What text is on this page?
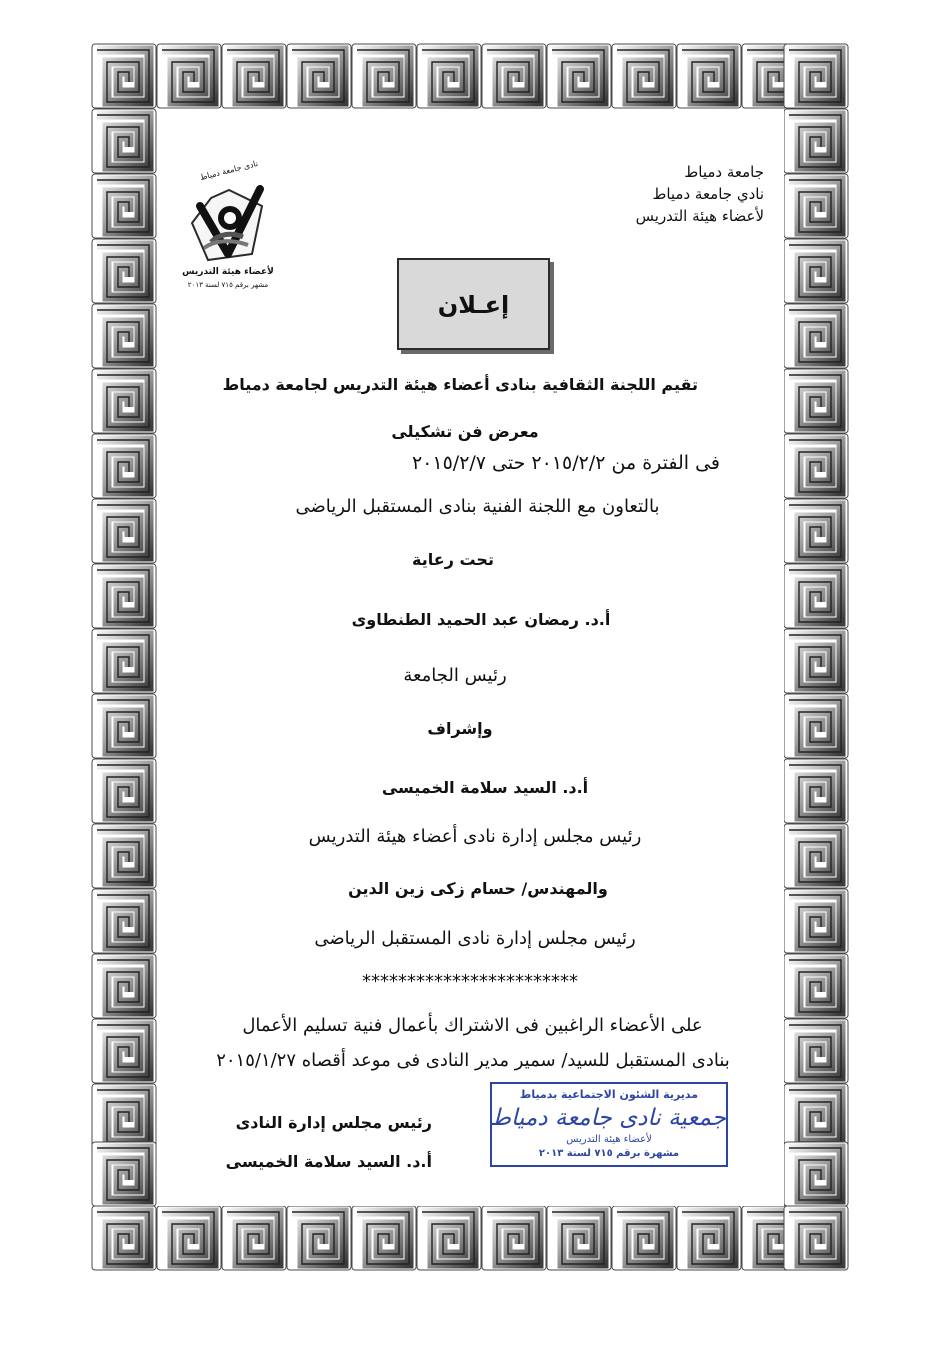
جامعة دمياط
نادي جامعة دمياط
لأعضاء هيئة التدريس
نادى جامعة دمياط
لأعضاء هيئة التدريس
مشهر برقم ٧١٥ لسنة ٢٠١٣
إعـلان
تقيم اللجنة الثقافية بنادى أعضاء هيئة التدريس لجامعة دمياط
معرض فن تشكيلى
فى الفترة من ٢٠١٥/٢/٢ حتى ٢٠١٥/٢/٧
بالتعاون مع اللجنة الفنية بنادى المستقبل الرياضى
تحت رعاية
أ.د. رمضان عبد الحميد الطنطاوى
رئيس الجامعة
وإشراف
أ.د. السيد سلامة الخميسى
رئيس مجلس إدارة نادى أعضاء هيئة التدريس
والمهندس/ حسام زكى زين الدين
رئيس مجلس إدارة نادى المستقبل الرياضى
************************
على الأعضاء الراغبين فى الاشتراك بأعمال فنية تسليم الأعمال
بنادى المستقبل للسيد/ سمير مدير النادى فى موعد أقصاه ٢٠١٥/١/٢٧
مديرية الشئون الاجتماعية بدمياط
جمعية نادى جامعة دمياط
لأعضاء هيئة التدريس
مشهرة برقم ٧١٥ لسنة ٢٠١٣
رئيس مجلس إدارة النادى
أ.د. السيد سلامة الخميسى
